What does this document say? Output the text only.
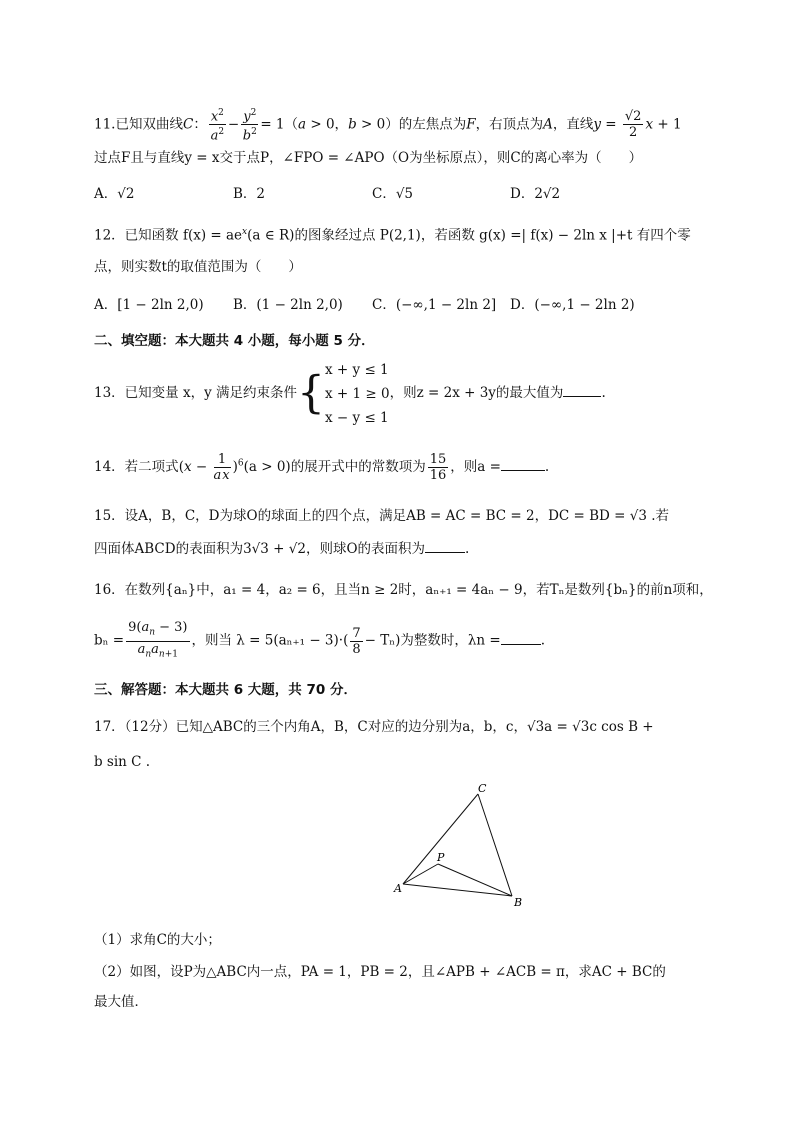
11.已知双曲线C： $\frac{x^2}{a^2} - \frac{y^2}{b^2} = 1(a > 0$，b > 0）的左焦点为F，右顶点为A，直线$y = \frac{√2}{2}$ x + 1
过点F且与直线y = x交于点P，∠FPO = ∠APO（O为坐标原点），则C的离心率为（　　）
A．√2	B．2	C．√5	D．2√2
12．已知函数 $f(x) = ae^x(a$ ∈ R)的图象经过点 P(2,1)，若函数 g(x) =| f(x) − 2ln x |+t 有四个零
点，则实数t的取值范围为（　　）
A．[1 − 2ln 2,0) B．(1 − 2ln 2,0) C．(−∞,1 − 2ln 2] D．(−∞,1 − 2ln 2)
二、填空题：本大题共 4 小题，每小题 5 分．
13．已知变量 x，y 满足约束条件{ x + y ≤ 1
x + 1 ≥ 0
x − y ≤ 1
，则z = 2x + 3y的最大值为	.
14．若二项式$(x - \frac{1}{ax} )^6(a > 0)$的展开式中的常数项为 $\frac{15}{16}$ ，则a =	.
15．设A，B，C，D为球O的球面上的四个点，满足AB = AC = BC = 2，DC = BD = √3 .若
四面体ABCD的表面积为3√3 + √2，则球O的表面积为	.
16．在数列{aₙ}中，a₁ = 4，a₂ = 6，且当n ≥ 2时，aₙ₊₁ = 4aₙ − 9，若Tₙ是数列{bₙ}的前n项和，
$b_n = \frac{9(a_n - 3)}{a_na_{n+1}}$ ，则当 $\lambda = 5(a_{n+1} - 3)\cdot( \frac{7}{8} - T_n)$为整数时，λn =	.
三、解答题：本大题共 6 大题，共 70 分．
17．（12分）已知△ABC的三个内角A，B，C对应的边分别为a，b，c，√3a = √3c cos B +
b sin C .
C
P
A
B
（1）求角C的大小；
（2）如图，设P为△ABC内一点，PA = 1，PB = 2，且∠APB + ∠ACB = π，求AC + BC的
最大值．
